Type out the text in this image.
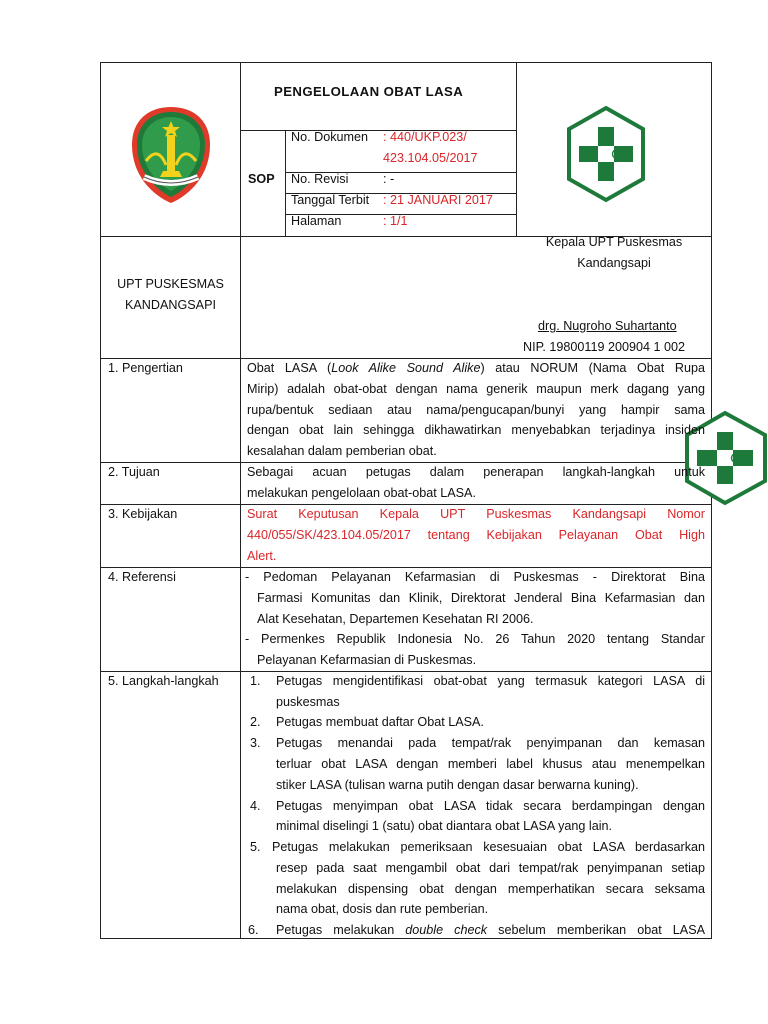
PENGELOLAAN OBAT LASA
SOP
No. Dokumen : 440/UKP.023/
423.104.05/2017
No. Revisi	: -
Tanggal Terbit : 21 JANUARI 2017
Halaman	: 1/1
UPT PUSKESMAS
KANDANGSAPI
Kepala UPT Puskesmas
Kandangsapi
drg. Nugroho Suhartanto
NIP. 19800119 200904 1 002
1. Pengertian	Obat LASA (Look Alike Sound Alike) atau NORUM (Nama Obat Rupa
Mirip) adalah obat-obat dengan nama generik maupun merk dagang yang
rupa/bentuk sediaan atau nama/pengucapan/bunyi yang hampir sama
dengan obat lain sehingga dikhawatirkan menyebabkan terjadinya insiden
kesalahan dalam pemberian obat.
2. Tujuan	Sebagai acuan petugas dalam penerapan langkah-langkah untuk
melakukan pengelolaan obat-obat LASA.
3. Kebijakan	Surat Keputusan Kepala UPT Puskesmas Kandangsapi Nomor
440/055/SK/423.104.05/2017 tentang Kebijakan Pelayanan Obat High
Alert.
4. Referensi	- Pedoman Pelayanan Kefarmasian di Puskesmas - Direktorat Bina
Farmasi Komunitas dan Klinik, Direktorat Jenderal Bina Kefarmasian dan
Alat Kesehatan, Departemen Kesehatan RI 2006.
- Permenkes Republik Indonesia No. 26 Tahun 2020 tentang Standar
Pelayanan Kefarmasian di Puskesmas.
5. Langkah-langkah 1. Petugas mengidentifikasi obat-obat yang termasuk kategori LASA di
puskesmas
2. Petugas membuat daftar Obat LASA.
3. Petugas menandai pada tempat/rak penyimpanan dan kemasan
terluar obat LASA dengan memberi label khusus atau menempelkan
stiker LASA (tulisan warna putih dengan dasar berwarna kuning).
4. Petugas menyimpan obat LASA tidak secara berdampingan dengan
minimal diselingi 1 (satu) obat diantara obat LASA yang lain.
5. Petugas melakukan pemeriksaan kesesuaian obat LASA berdasarkan
resep pada saat mengambil obat dari tempat/rak penyimpanan setiap
melakukan dispensing obat dengan memperhatikan secara seksama
nama obat, dosis dan rute pemberian.
6. Petugas melakukan double check sebelum memberikan obat LASA
